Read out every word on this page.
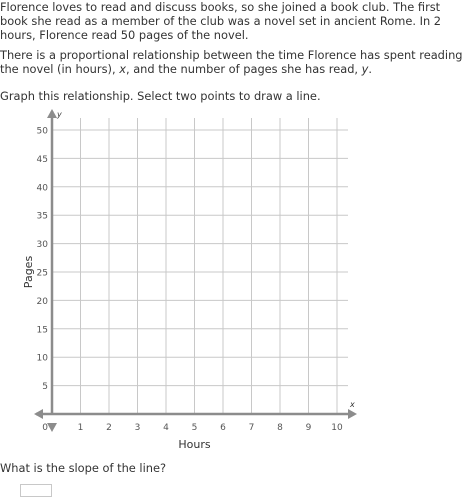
Florence loves to read and discuss books, so she joined a book club. The first book she read as a member of the club was a novel set in ancient Rome. In 2 hours, Florence read 50 pages of the novel.

There is a proportional relationship between the time Florence has spent reading the novel (in hours), x, and the number of pages she has read, y.

Graph this relationship. Select two points to draw a line.

1	2	3	4	5	6	7	8	9 10
5
10
15
20
25
30
35
40
45
50
0
x
y
Hours
Pages

What is the slope of the line?
